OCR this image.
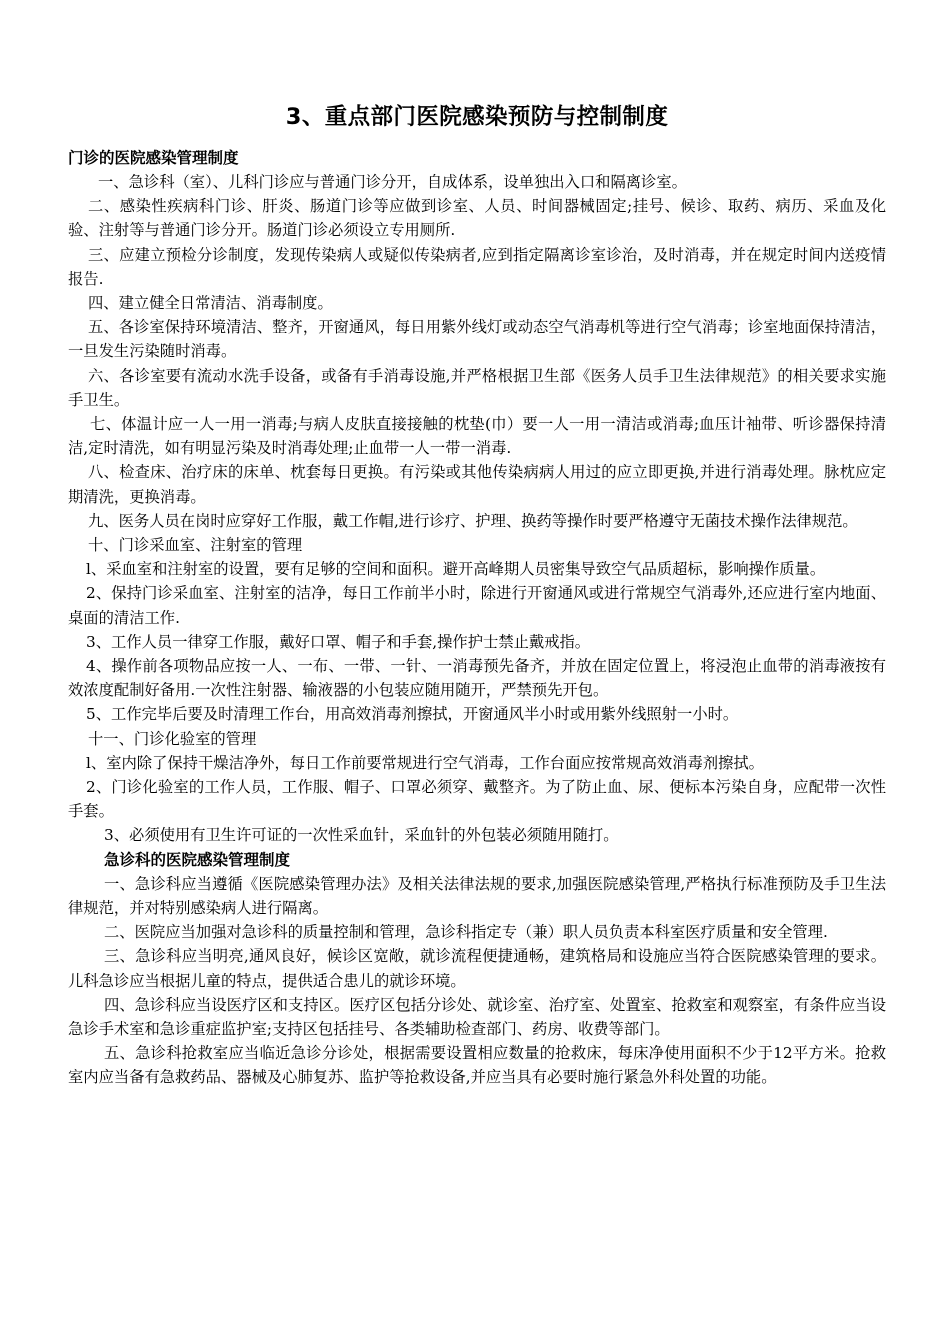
3、重点部门医院感染预防与控制制度
门诊的医院感染管理制度

一、急诊科（室）、儿科门诊应与普通门诊分开，自成体系，设单独出入口和隔离诊室。

二、感染性疾病科门诊、肝炎、肠道门诊等应做到诊室、人员、时间器械固定;挂号、候诊、取药、病历、采血及化验、注射等与普通门诊分开。肠道门诊必须设立专用厕所.

三、应建立预检分诊制度，发现传染病人或疑似传染病者,应到指定隔离诊室诊治，及时消毒，并在规定时间内送疫情报告.

四、建立健全日常清洁、消毒制度。

五、各诊室保持环境清洁、整齐，开窗通风，每日用紫外线灯或动态空气消毒机等进行空气消毒；诊室地面保持清洁，一旦发生污染随时消毒。

六、各诊室要有流动水洗手设备，或备有手消毒设施,并严格根据卫生部《医务人员手卫生法律规范》的相关要求实施手卫生。

七、体温计应一人一用一消毒;与病人皮肤直接接触的枕垫(巾）要一人一用一清洁或消毒;血压计袖带、听诊器保持清洁,定时清洗，如有明显污染及时消毒处理;止血带一人一带一消毒.

八、检查床、治疗床的床单、枕套每日更换。有污染或其他传染病病人用过的应立即更换,并进行消毒处理。脉枕应定期清洗，更换消毒。

九、医务人员在岗时应穿好工作服，戴工作帽,进行诊疗、护理、换药等操作时要严格遵守无菌技术操作法律规范。

十、门诊采血室、注射室的管理

l、采血室和注射室的设置，要有足够的空间和面积。避开高峰期人员密集导致空气品质超标，影响操作质量。

2、保持门诊采血室、注射室的洁净，每日工作前半小时，除进行开窗通风或进行常规空气消毒外,还应进行室内地面、桌面的清洁工作.

3、工作人员一律穿工作服，戴好口罩、帽子和手套,操作护士禁止戴戒指。

4、操作前各项物品应按一人、一布、一带、一针、一消毒预先备齐，并放在固定位置上，将浸泡止血带的消毒液按有效浓度配制好备用.一次性注射器、输液器的小包装应随用随开，严禁预先开包。

5、工作完毕后要及时清理工作台，用高效消毒剂擦拭，开窗通风半小时或用紫外线照射一小时。

十一、门诊化验室的管理

l、室内除了保持干燥洁净外，每日工作前要常规进行空气消毒，工作台面应按常规高效消毒剂擦拭。

2、门诊化验室的工作人员，工作服、帽子、口罩必须穿、戴整齐。为了防止血、尿、便标本污染自身，应配带一次性手套。

3、必须使用有卫生许可证的一次性采血针，采血针的外包装必须随用随打。

急诊科的医院感染管理制度

一、急诊科应当遵循《医院感染管理办法》及相关法律法规的要求,加强医院感染管理,严格执行标准预防及手卫生法律规范，并对特别感染病人进行隔离。

二、医院应当加强对急诊科的质量控制和管理，急诊科指定专（兼）职人员负责本科室医疗质量和安全管理.

三、急诊科应当明亮,通风良好，候诊区宽敞，就诊流程便捷通畅，建筑格局和设施应当符合医院感染管理的要求。儿科急诊应当根据儿童的特点，提供适合患儿的就诊环境。

四、急诊科应当设医疗区和支持区。医疗区包括分诊处、就诊室、治疗室、处置室、抢救室和观察室，有条件应当设急诊手术室和急诊重症监护室;支持区包括挂号、各类辅助检查部门、药房、收费等部门。

五、急诊科抢救室应当临近急诊分诊处，根据需要设置相应数量的抢救床，每床净使用面积不少于12平方米。抢救室内应当备有急救药品、器械及心肺复苏、监护等抢救设备,并应当具有必要时施行紧急外科处置的功能。
